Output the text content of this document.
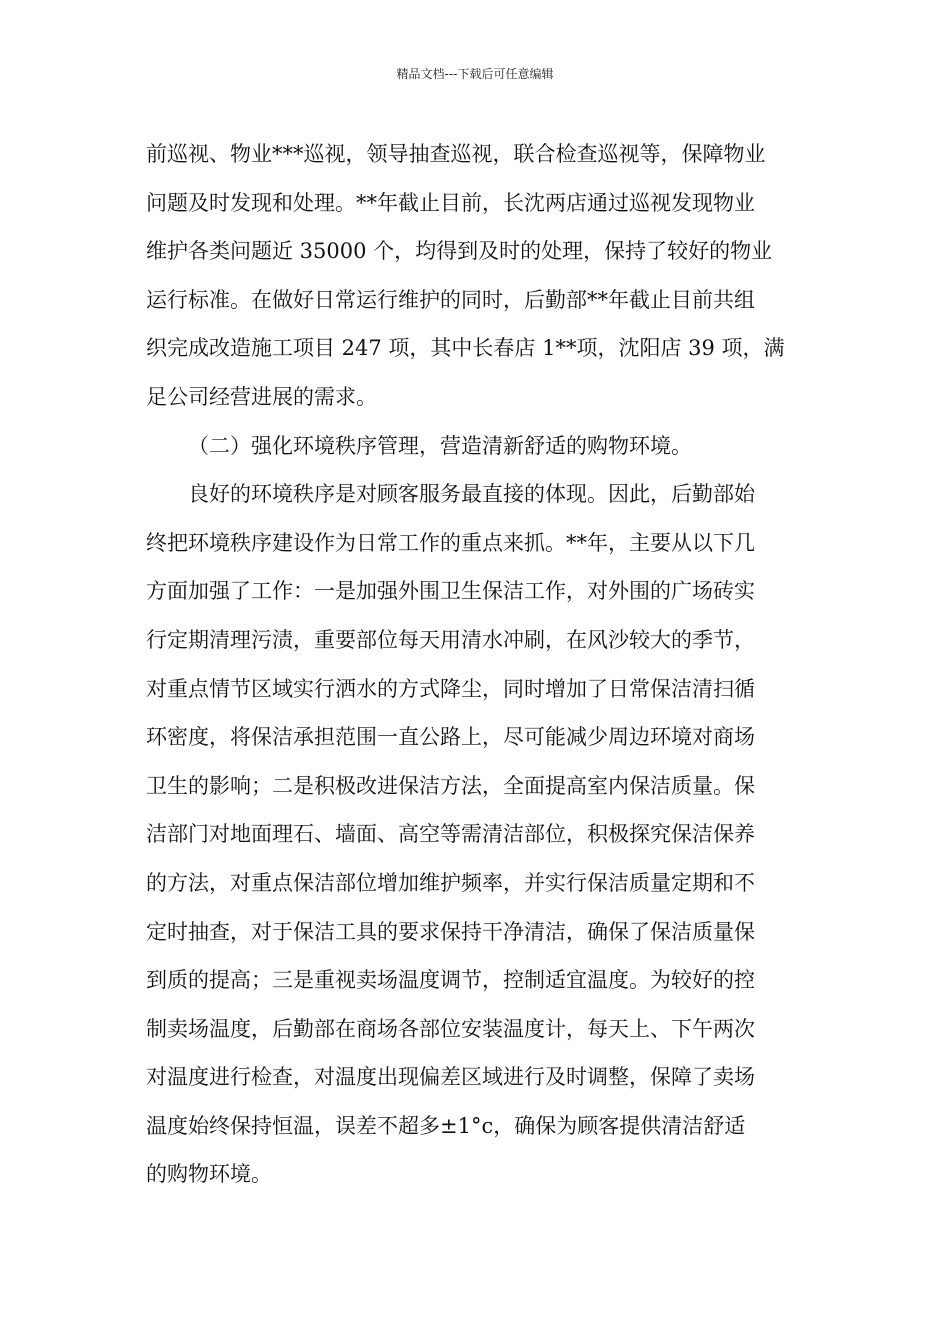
精品文档---下载后可任意编辑
前巡视、物业***巡视，领导抽查巡视，联合检查巡视等，保障物业
问题及时发现和处理。**年截止目前，长沈两店通过巡视发现物业
维护各类问题近 35000 个，均得到及时的处理，保持了较好的物业
运行标准。在做好日常运行维护的同时，后勤部**年截止目前共组
织完成改造施工项目 247 项，其中长春店 1**项，沈阳店 39 项，满
足公司经营进展的需求。
（二）强化环境秩序管理，营造清新舒适的购物环境。
良好的环境秩序是对顾客服务最直接的体现。因此，后勤部始
终把环境秩序建设作为日常工作的重点来抓。**年，主要从以下几
方面加强了工作：一是加强外围卫生保洁工作，对外围的广场砖实
行定期清理污渍，重要部位每天用清水冲刷，在风沙较大的季节，
对重点情节区域实行洒水的方式降尘，同时增加了日常保洁清扫循
环密度，将保洁承担范围一直公路上，尽可能减少周边环境对商场
卫生的影响；二是积极改进保洁方法，全面提高室内保洁质量。保
洁部门对地面理石、墙面、高空等需清洁部位，积极探究保洁保养
的方法，对重点保洁部位增加维护频率，并实行保洁质量定期和不
定时抽查，对于保洁工具的要求保持干净清洁，确保了保洁质量保
到质的提高；三是重视卖场温度调节，控制适宜温度。为较好的控
制卖场温度，后勤部在商场各部位安装温度计，每天上、下午两次
对温度进行检查，对温度出现偏差区域进行及时调整，保障了卖场
温度始终保持恒温，误差不超多±1°c，确保为顾客提供清洁舒适
的购物环境。
